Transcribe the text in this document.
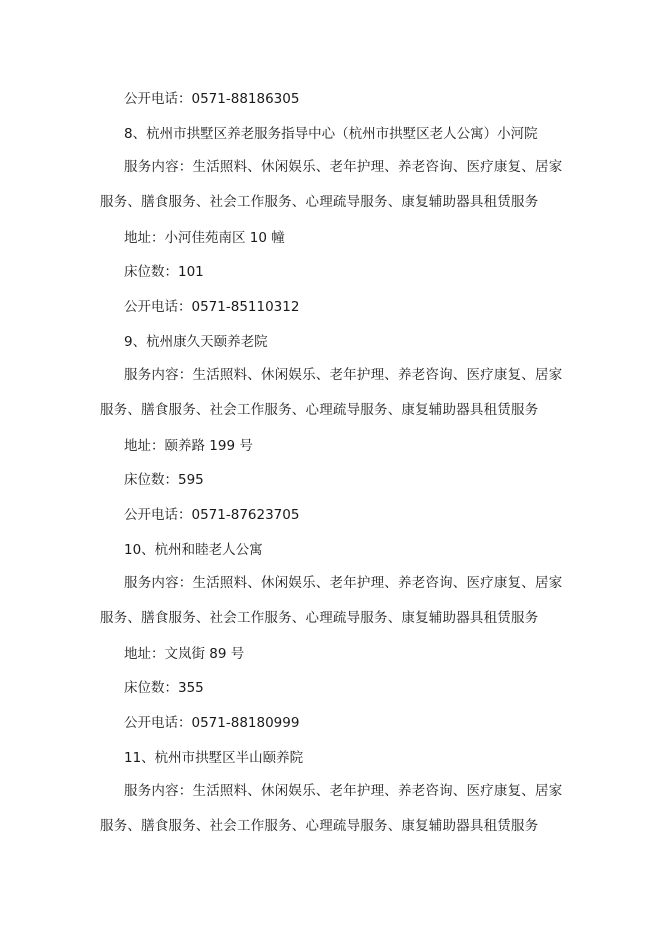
公开电话：0571-88186305

8、杭州市拱墅区养老服务指导中心（杭州市拱墅区老人公寓）小河院

服务内容：生活照料、休闲娱乐、老年护理、养老咨询、医疗康复、居家服务、膳食服务、社会工作服务、心理疏导服务、康复辅助器具租赁服务

地址：小河佳苑南区 10 幢

床位数：101

公开电话：0571-85110312

9、杭州康久天颐养老院

服务内容：生活照料、休闲娱乐、老年护理、养老咨询、医疗康复、居家服务、膳食服务、社会工作服务、心理疏导服务、康复辅助器具租赁服务

地址：颐养路 199 号

床位数：595

公开电话：0571-87623705

10、杭州和睦老人公寓

服务内容：生活照料、休闲娱乐、老年护理、养老咨询、医疗康复、居家服务、膳食服务、社会工作服务、心理疏导服务、康复辅助器具租赁服务

地址：文岚街 89 号

床位数：355

公开电话：0571-88180999

11、杭州市拱墅区半山颐养院

服务内容：生活照料、休闲娱乐、老年护理、养老咨询、医疗康复、居家服务、膳食服务、社会工作服务、心理疏导服务、康复辅助器具租赁服务
